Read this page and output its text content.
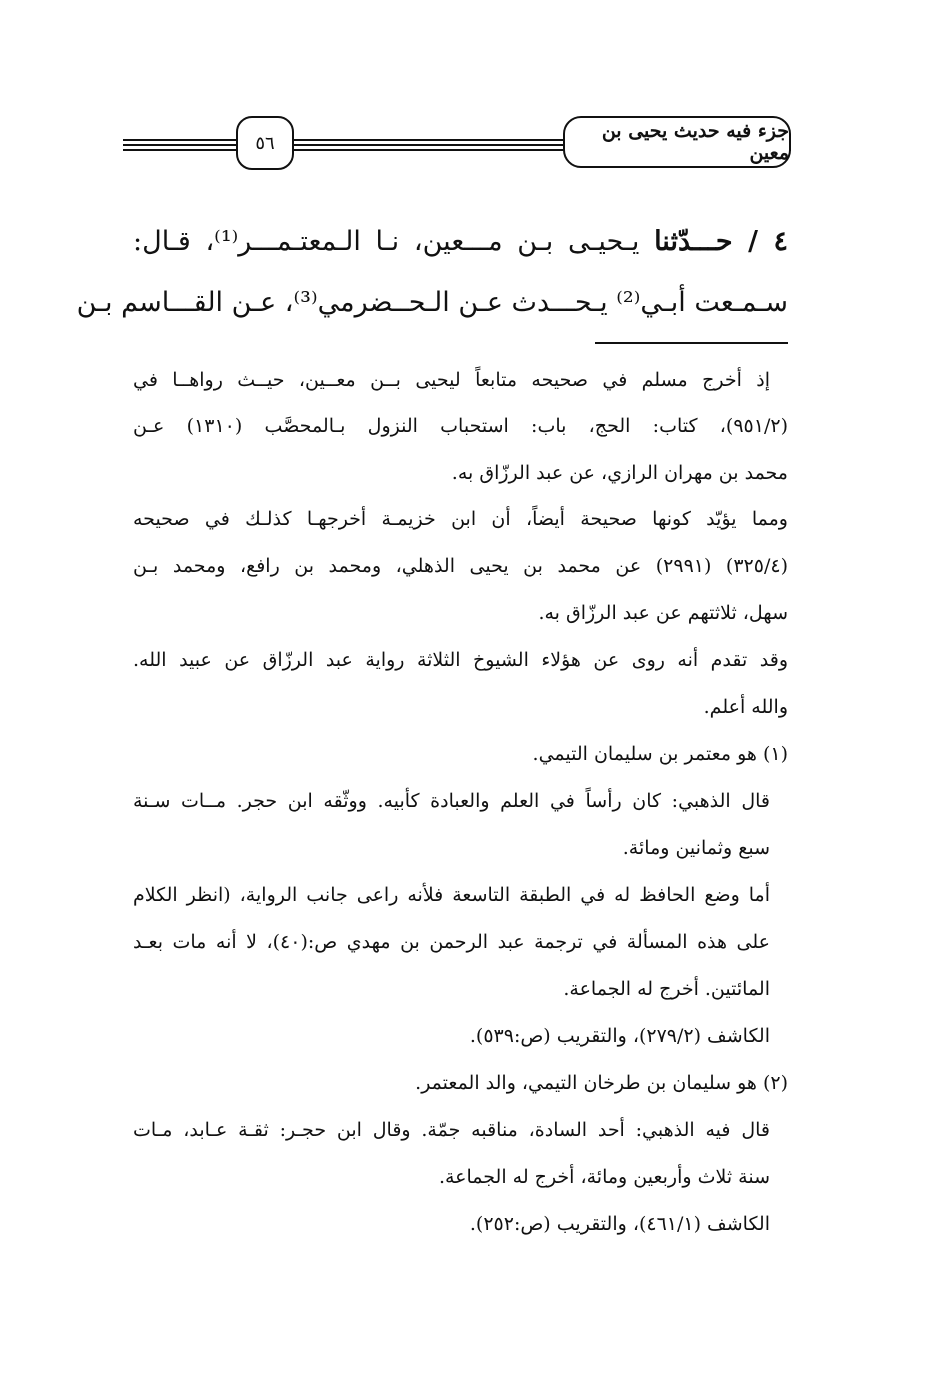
جزء فيه حديث يحيى بن معين
٥٦
٤ / حـــدّثنا يـحيـى بـن مـــعين، نـا الـمعتـمـــر⁽¹⁾، قـال:
سـمـعت أبـي⁽²⁾ يـحـــدث عـن الـحــضرمي⁽³⁾، عـن القـــاسم بـن
إذ أخرج مسلم في صحيحه متابعاً ليحيى بــن معــين، حيــث رواهــا في
(٩٥١/٢)، كتاب: الحج، باب: استحباب النزول بـالمحصَّب (١٣١٠) عـن
محمد بن مهران الرازي، عن عبد الرزّاق به.
ومما يؤيّد كونها صحيحة أيضاً، أن ابن خزيمـة أخرجهـا كذلـك في صحيحه
(٣٢٥/٤) (٢٩٩١) عن محمد بن يحيى الذهلي، ومحمد بن رافع، ومحمد بـن
سهل، ثلاثتهم عن عبد الرزّاق به.
وقد تقدم أنه روى عن هؤلاء الشيوخ الثلاثة رواية عبد الرزّاق عن عبيد الله.
والله أعلم.
(١) هو معتمر بن سليمان التيمي.
قال الذهبي: كان رأساً في العلم والعبادة كأبيه. ووثّقه ابن حجر. مــات سـنة
سبع وثمانين ومائة.
أما وضع الحافظ له في الطبقة التاسعة فلأنه راعى جانب الرواية، (انظر الكلام
على هذه المسألة في ترجمة عبد الرحمن بن مهدي ص:(٤٠)، لا أنه مات بعـد
المائتين. أخرج له الجماعة.
الكاشف (٢٧٩/٢)، والتقريب (ص:٥٣٩).
(٢) هو سليمان بن طرخان التيمي، والد المعتمر.
قال فيه الذهبي: أحد السادة، مناقبه جمّة. وقال ابن حجـر: ثقـة عـابد، مـات
سنة ثلاث وأربعين ومائة، أخرج له الجماعة.
الكاشف (٤٦١/١)، والتقريب (ص:٢٥٢).
